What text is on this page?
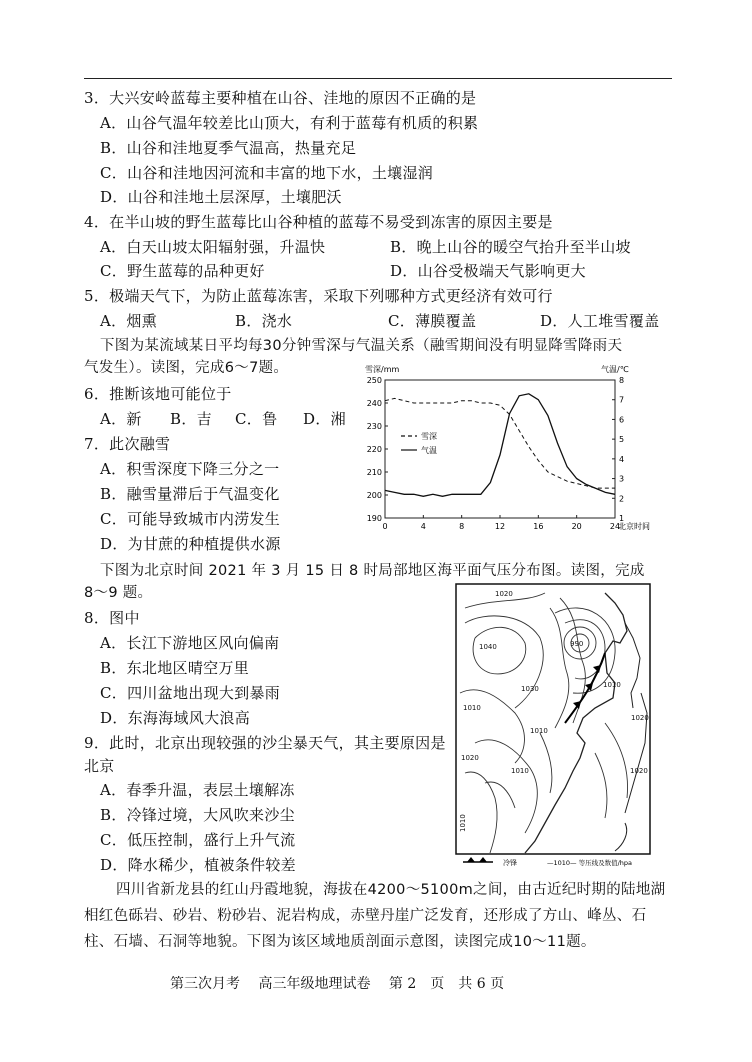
3．大兴安岭蓝莓主要种植在山谷、洼地的原因不正确的是
A．山谷气温年较差比山顶大，有利于蓝莓有机质的积累
B．山谷和洼地夏季气温高，热量充足
C．山谷和洼地因河流和丰富的地下水，土壤湿润
D．山谷和洼地土层深厚，土壤肥沃
4．在半山坡的野生蓝莓比山谷种植的蓝莓不易受到冻害的原因主要是
A．白天山坡太阳辐射强，升温快	B．晚上山谷的暖空气抬升至半山坡
C．野生蓝莓的品种更好	D．山谷受极端天气影响更大
5．极端天气下，为防止蓝莓冻害，采取下列哪种方式更经济有效可行
A．烟熏	B．浇水	C．薄膜覆盖	D．人工堆雪覆盖
下图为某流域某日平均每30分钟雪深与气温关系（融雪期间没有明显降雪降雨天
气发生）。读图，完成6～7题。
6．推断该地可能位于
A．新 B．吉 C．鲁 D．湘
7．此次融雪
A．积雪深度下降三分之一
B．融雪量滞后于气温变化
C．可能导致城市内涝发生
D．为甘蔗的种植提供水源
0	4	8	12	16	20	24
北京时间
190
200
210
220
230
240
250
1
2
3
4
5
6
7
8
雪深/mm	气温/℃
雪深
气温
下图为北京时间 2021 年 3 月 15 日 8 时局部地区海平面气压分布图。读图，完成
8～9 题。
8．图中
A．长江下游地区风向偏南
B．东北地区晴空万里
C．四川盆地出现大到暴雨
D．东海海域风大浪高
9．此时，北京出现较强的沙尘暴天气，其主要原因是
北京
A．春季升温，表层土壤解冻
B．冷锋过境，大风吹来沙尘
C．低压控制，盛行上升气流
D．降水稀少，植被条件较差
1020
1040
1030
1010
990
1010
1010
1020
1010
1020
1010
1020
冷锋	—1010— 等压线及数值/hpa
四川省新龙县的红山丹霞地貌，海拔在4200～5100m之间，由古近纪时期的陆地湖
相红色砾岩、砂岩、粉砂岩、泥岩构成，赤壁丹崖广泛发育，还形成了方山、峰丛、石
柱、石墙、石洞等地貌。下图为该区域地质剖面示意图，读图完成10～11题。
第三次月考　 高三年级地理试卷　 第 2　页　共 6 页
